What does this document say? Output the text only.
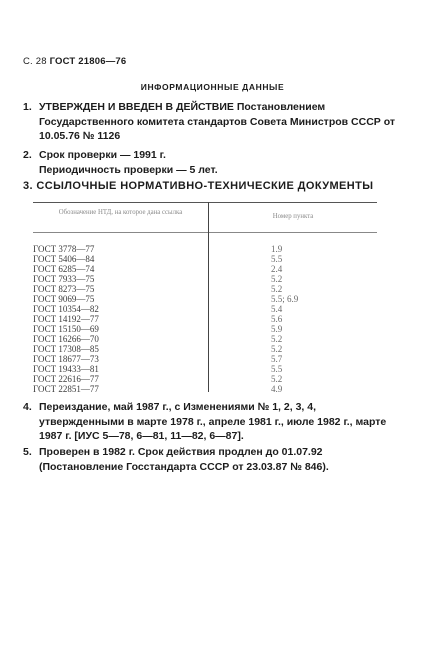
С. 28 ГОСТ 21806—76
ИНФОРМАЦИОННЫЕ ДАННЫЕ
1. УТВЕРЖДЕН И ВВЕДЕН В ДЕЙСТВИЕ Постановлением Государственного комитета стандартов Совета Министров СССР от
10.05.76 № 1126
2. Срок проверки — 1991 г.
Периодичность проверки — 5 лет.
3. ССЫЛОЧНЫЕ НОРМАТИВНО-ТЕХНИЧЕСКИЕ ДОКУМЕНТЫ
Обозначение НТД, на которое дана ссылка
Номер пункта
ГОСТ 3778—77	1.9
ГОСТ 5406—84	5.5
ГОСТ 6285—74	2.4
ГОСТ 7933—75	5.2
ГОСТ 8273—75	5.2
ГОСТ 9069—75	5.5; 6.9
ГОСТ 10354—82	5.4
ГОСТ 14192—77	5.6
ГОСТ 15150—69	5.9
ГОСТ 16266—70	5.2
ГОСТ 17308—85	5.2
ГОСТ 18677—73	5.7
ГОСТ 19433—81	5.5
ГОСТ 22616—77	5.2
ГОСТ 22851—77	4.9
4. Переиздание, май 1987 г., с Изменениями № 1, 2, 3, 4, утвержденными в марте 1978 г., апреле 1981 г., июле 1982 г., марте 1987 г. [ИУС 5—78, 6—81, 11—82, 6—87].
5. Проверен в 1982 г. Срок действия продлен до 01.07.92 (Постановление Госстандарта СССР от 23.03.87 № 846).
